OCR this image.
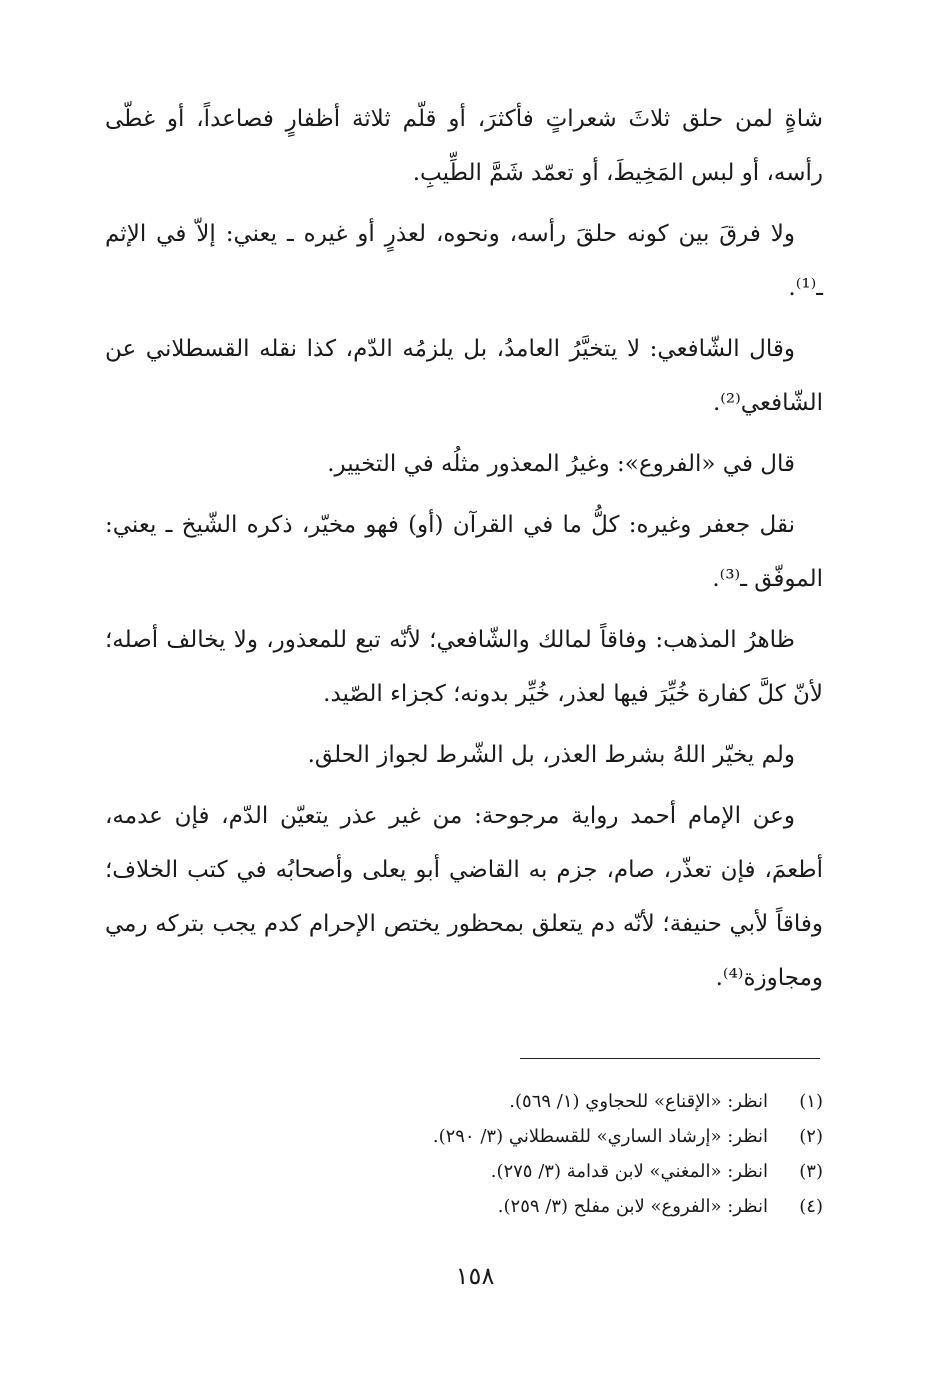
شاةٍ لمن حلق ثلاثَ شعراتٍ فأكثرَ، أو قلّم ثلاثة أظفارٍ فصاعداً، أو غطّى رأسه، أو لبس المَخِيطَ، أو تعمّد شَمَّ الطِّيبِ.

ولا فرقَ بين كونه حلقَ رأسه، ونحوه، لعذرٍ أو غيره ـ يعني: إلاّ في الإثم ـ⁽¹⁾.

وقال الشّافعي: لا يتخيَّرُ العامدُ، بل يلزمُه الدّم، كذا نقله القسطلاني عن الشّافعي⁽²⁾.

قال في «الفروع»: وغيرُ المعذور مثلُه في التخيير.

نقل جعفر وغيره: كلُّ ما في القرآن (أو) فهو مخيّر، ذكره الشّيخ ـ يعني: الموفّق ـ⁽³⁾.

ظاهرُ المذهب: وفاقاً لمالك والشّافعي؛ لأنّه تبع للمعذور، ولا يخالف أصله؛ لأنّ كلَّ كفارة خُيِّرَ فيها لعذر، خُيِّر بدونه؛ كجزاء الصّيد.

ولم يخيّر اللهُ بشرط العذر، بل الشّرط لجواز الحلق.

وعن الإمام أحمد رواية مرجوحة: من غير عذر يتعيّن الدّم، فإن عدمه، أطعمَ، فإن تعذّر، صام، جزم به القاضي أبو يعلى وأصحابُه في كتب الخلاف؛ وفاقاً لأبي حنيفة؛ لأنّه دم يتعلق بمحظور يختص الإحرام كدم يجب بتركه رمي ومجاوزة⁽⁴⁾.

(١)
انظر: «الإقناع» للحجاوي (١/ ٥٦٩).

(٢)
انظر: «إرشاد الساري» للقسطلاني (٣/ ٢٩٠).

(٣)
انظر: «المغني» لابن قدامة (٣/ ٢٧٥).

(٤)
انظر: «الفروع» لابن مفلح (٣/ ٢٥٩).

١٥٨
